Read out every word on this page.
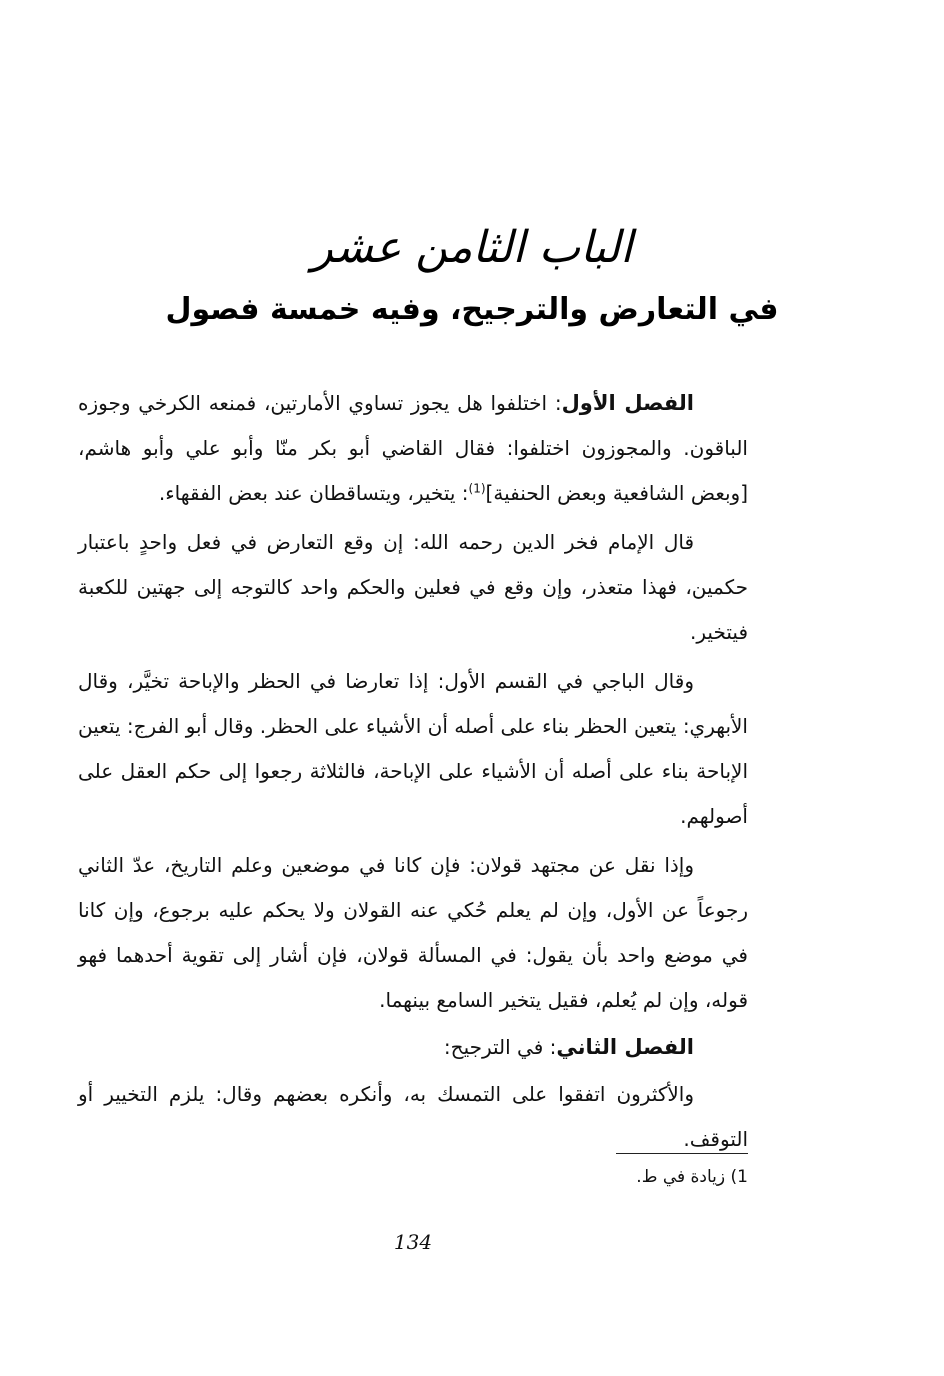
الباب الثامن عشر
في التعارض والترجيح، وفيه خمسة فصول

الفصل الأول: اختلفوا هل يجوز تساوي الأمارتين، فمنعه الكرخي وجوزه الباقون. والمجوزون اختلفوا: فقال القاضي أبو بكر منّا وأبو علي وأبو هاشم، [وبعض الشافعية وبعض الحنفية]$^{(1)}$: يتخير، ويتساقطان عند بعض الفقهاء.

قال الإمام فخر الدين رحمه الله: إن وقع التعارض في فعل واحدٍ باعتبار حكمين، فهذا متعذر، وإن وقع في فعلين والحكم واحد كالتوجه إلى جهتين للكعبة فيتخير.

وقال الباجي في القسم الأول: إذا تعارضا في الحظر والإباحة تخيَّر، وقال الأبهري: يتعين الحظر بناء على أصله أن الأشياء على الحظر. وقال أبو الفرج: يتعين الإباحة بناء على أصله أن الأشياء على الإباحة، فالثلاثة رجعوا إلى حكم العقل على أصولهم.

وإذا نقل عن مجتهد قولان: فإن كانا في موضعين وعلم التاريخ، عدّ الثاني رجوعاً عن الأول، وإن لم يعلم حُكي عنه القولان ولا يحكم عليه برجوع، وإن كانا في موضع واحد بأن يقول: في المسألة قولان، فإن أشار إلى تقوية أحدهما فهو قوله، وإن لم يُعلم، فقيل يتخير السامع بينهما.

الفصل الثاني: في الترجيح:

والأكثرون اتفقوا على التمسك به، وأنكره بعضهم وقال: يلزم التخيير أو التوقف.

1) زيادة في ط.
134
